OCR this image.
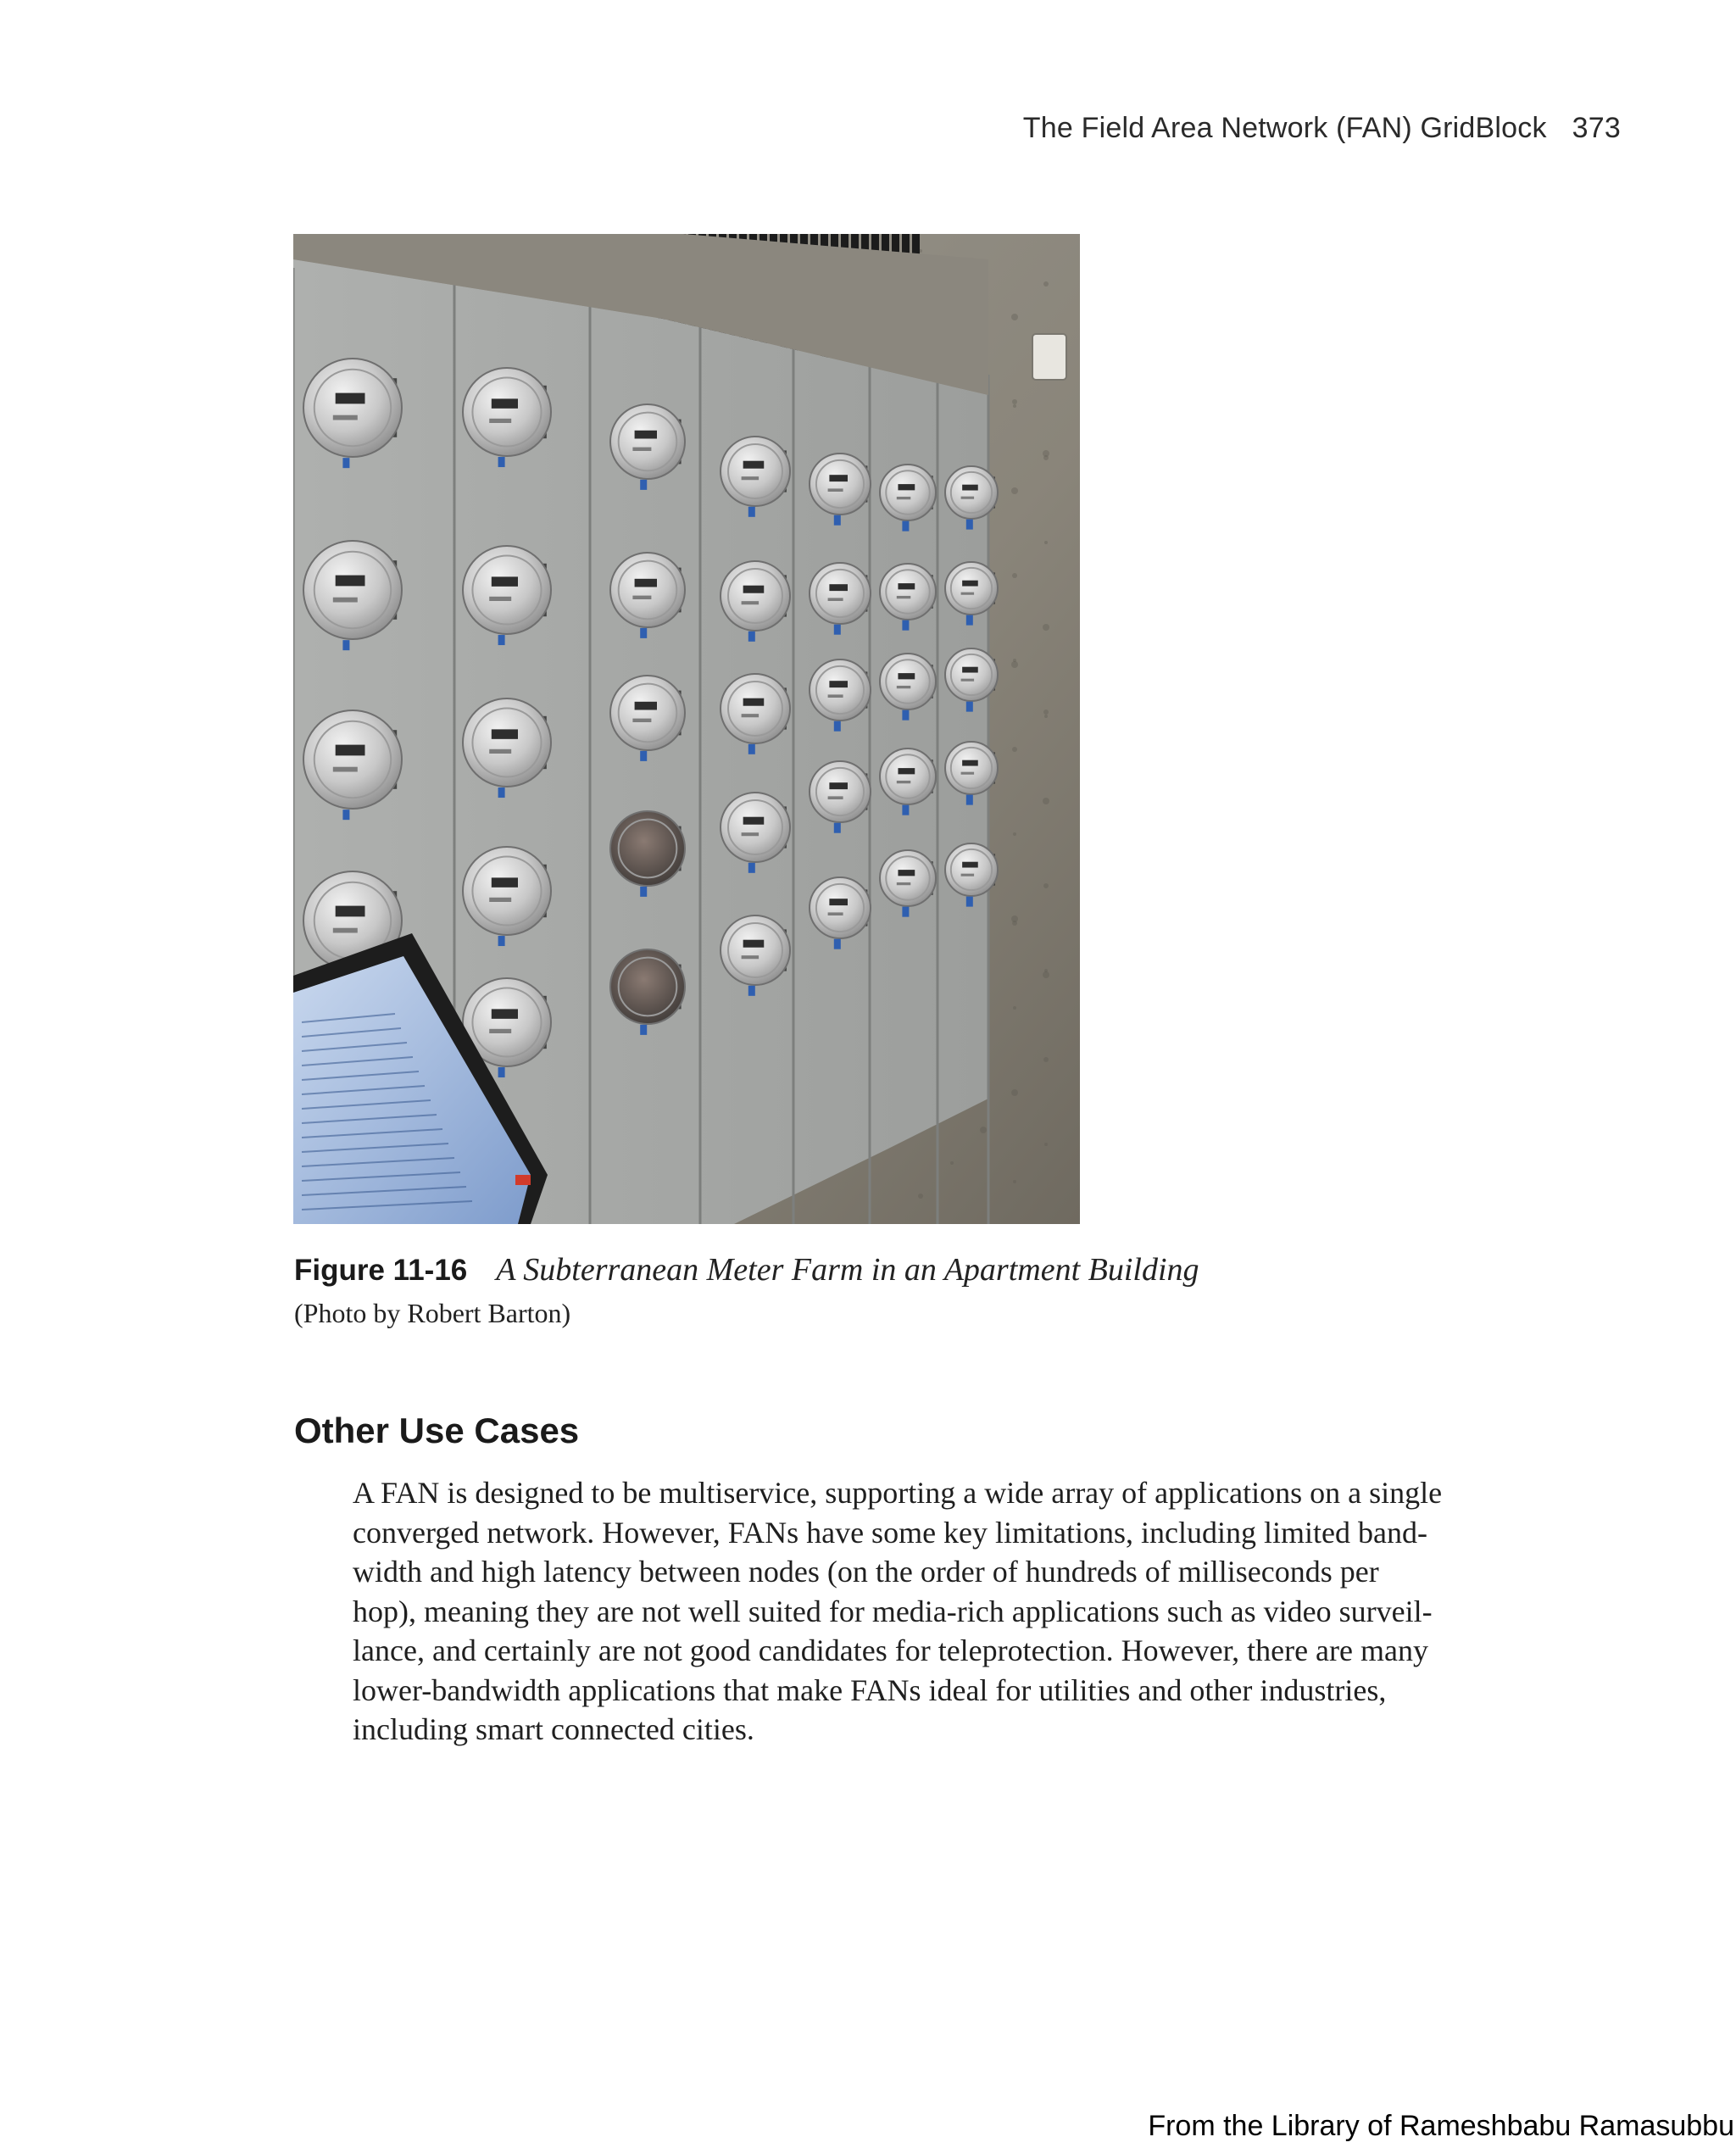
The Field Area Network (FAN) GridBlock 373
Figure 11-16 A Subterranean Meter Farm in an Apartment Building
(Photo by Robert Barton)
Other Use Cases
A FAN is designed to be multiservice, supporting a wide array of applications on a single
converged network. However, FANs have some key limitations, including limited band-
width and high latency between nodes (on the order of hundreds of milliseconds per
hop), meaning they are not well suited for media-rich applications such as video surveil-
lance, and certainly are not good candidates for teleprotection. However, there are many
lower-bandwidth applications that make FANs ideal for utilities and other industries,
including smart connected cities.
From the Library of Rameshbabu Ramasubbu
